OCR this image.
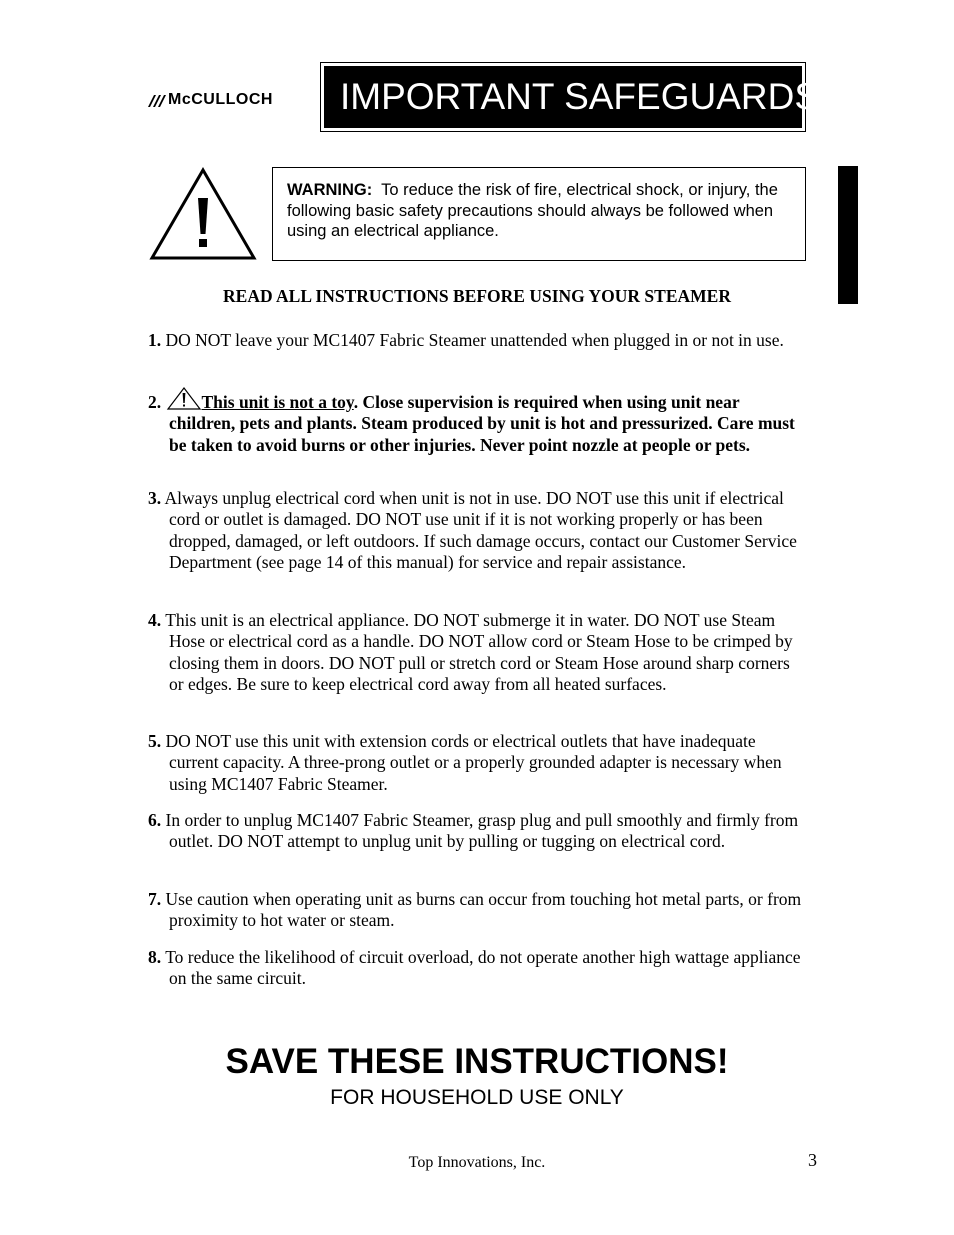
McCULLOCH	IMPORTANT SAFEGUARDS
WARNING: To reduce the risk of fire, electrical shock, or injury, the following basic safety precautions should always be followed when using an electrical appliance.
READ ALL INSTRUCTIONS BEFORE USING YOUR STEAMER
1. DO NOT leave your MC1407 Fabric Steamer unattended when plugged in or not in use.
2. This unit is not a toy. Close supervision is required when using unit near children, pets and plants. Steam produced by unit is hot and pressurized. Care must be taken to avoid burns or other injuries. Never point nozzle at people or pets.
3. Always unplug electrical cord when unit is not in use. DO NOT use this unit if electrical cord or outlet is damaged. DO NOT use unit if it is not working properly or has been dropped, damaged, or left outdoors. If such damage occurs, contact our Customer Service Department (see page 14 of this manual) for service and repair assistance.
4. This unit is an electrical appliance. DO NOT submerge it in water. DO NOT use Steam Hose or electrical cord as a handle. DO NOT allow cord or Steam Hose to be crimped by closing them in doors. DO NOT pull or stretch cord or Steam Hose around sharp corners or edges. Be sure to keep electrical cord away from all heated surfaces.
5. DO NOT use this unit with extension cords or electrical outlets that have inadequate current capacity. A three-prong outlet or a properly grounded adapter is necessary when using MC1407 Fabric Steamer.
6. In order to unplug MC1407 Fabric Steamer, grasp plug and pull smoothly and firmly from outlet. DO NOT attempt to unplug unit by pulling or tugging on electrical cord.
7. Use caution when operating unit as burns can occur from touching hot metal parts, or from proximity to hot water or steam.
8. To reduce the likelihood of circuit overload, do not operate another high wattage appliance on the same circuit.
SAVE THESE INSTRUCTIONS!
FOR HOUSEHOLD USE ONLY
Top Innovations, Inc.	3
